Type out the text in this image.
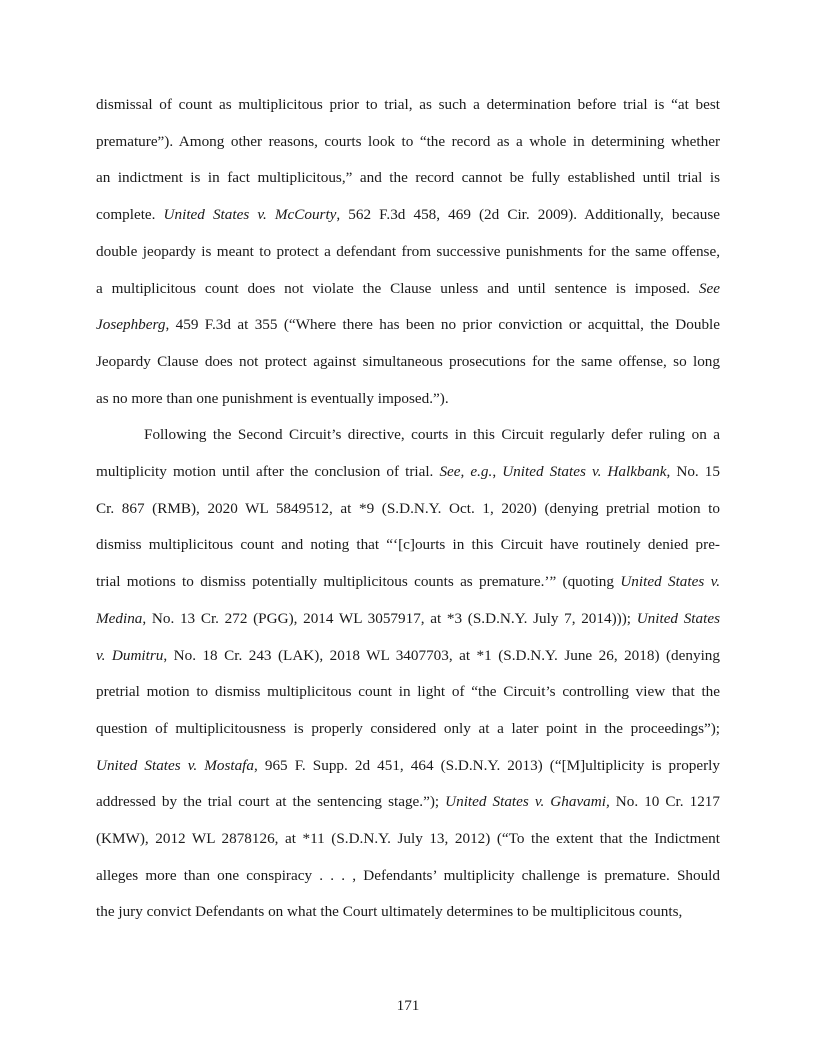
dismissal of count as multiplicitous prior to trial, as such a determination before trial is “at best
premature”). Among other reasons, courts look to “the record as a whole in determining whether
an indictment is in fact multiplicitous,” and the record cannot be fully established until trial is
complete. United States v. McCourty, 562 F.3d 458, 469 (2d Cir. 2009). Additionally, because
double jeopardy is meant to protect a defendant from successive punishments for the same offense,
a multiplicitous count does not violate the Clause unless and until sentence is imposed. See
Josephberg, 459 F.3d at 355 (“Where there has been no prior conviction or acquittal, the Double
Jeopardy Clause does not protect against simultaneous prosecutions for the same offense, so long
as no more than one punishment is eventually imposed.”).
Following the Second Circuit’s directive, courts in this Circuit regularly defer ruling on a
multiplicity motion until after the conclusion of trial. See, e.g., United States v. Halkbank, No. 15
Cr. 867 (RMB), 2020 WL 5849512, at *9 (S.D.N.Y. Oct. 1, 2020) (denying pretrial motion to
dismiss multiplicitous count and noting that “‘[c]ourts in this Circuit have routinely denied pre-
trial motions to dismiss potentially multiplicitous counts as premature.’” (quoting United States v.
Medina, No. 13 Cr. 272 (PGG), 2014 WL 3057917, at *3 (S.D.N.Y. July 7, 2014))); United States
v. Dumitru, No. 18 Cr. 243 (LAK), 2018 WL 3407703, at *1 (S.D.N.Y. June 26, 2018) (denying
pretrial motion to dismiss multiplicitous count in light of “the Circuit’s controlling view that the
question of multiplicitousness is properly considered only at a later point in the proceedings”);
United States v. Mostafa, 965 F. Supp. 2d 451, 464 (S.D.N.Y. 2013) (“[M]ultiplicity is properly
addressed by the trial court at the sentencing stage.”); United States v. Ghavami, No. 10 Cr. 1217
(KMW), 2012 WL 2878126, at *11 (S.D.N.Y. July 13, 2012) (“To the extent that the Indictment
alleges more than one conspiracy . . . , Defendants’ multiplicity challenge is premature. Should
the jury convict Defendants on what the Court ultimately determines to be multiplicitous counts,
171
